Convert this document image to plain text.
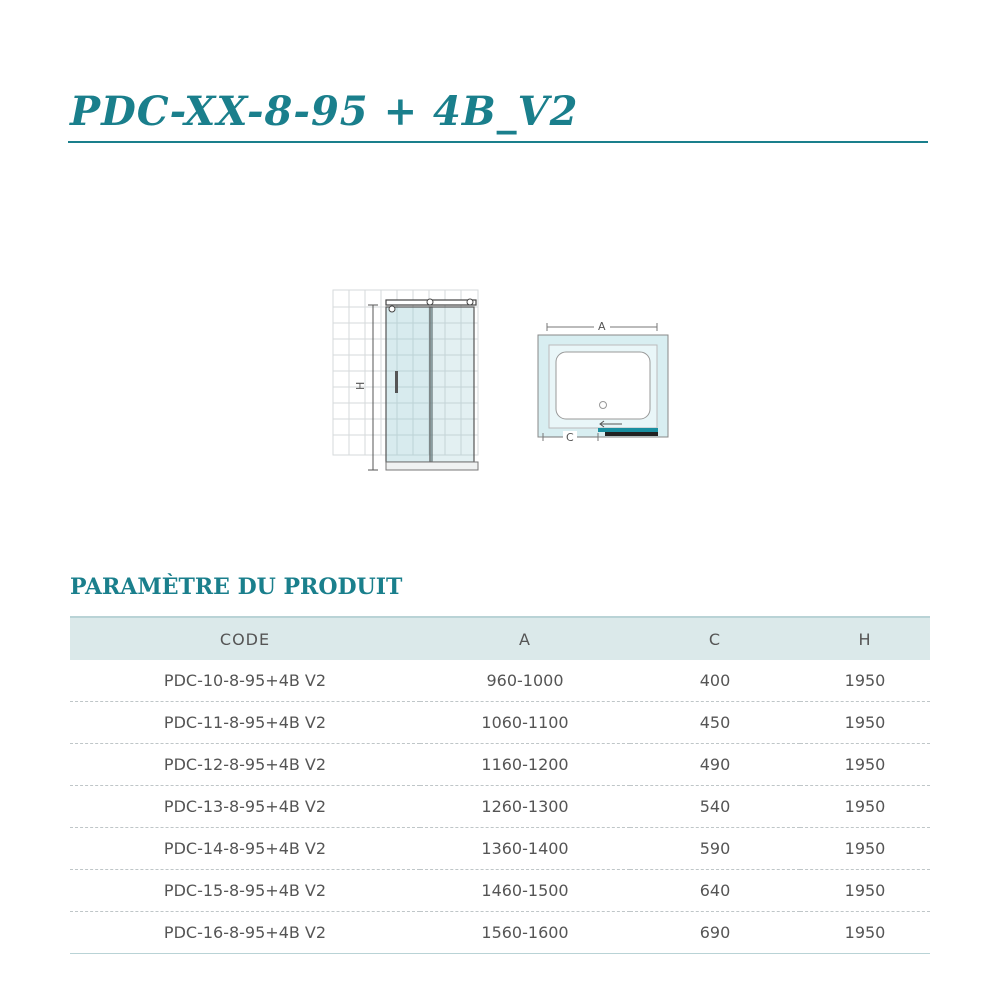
PDC-XX-8-95 + 4B_V2
H
A
C
PARAMÈTRE DU PRODUIT
CODE	A	C	H
PDC-10-8-95+4B V2	960-1000	400	1950
PDC-11-8-95+4B V2	1060-1100	450	1950
PDC-12-8-95+4B V2	1160-1200	490	1950
PDC-13-8-95+4B V2	1260-1300	540	1950
PDC-14-8-95+4B V2	1360-1400	590	1950
PDC-15-8-95+4B V2	1460-1500	640	1950
PDC-16-8-95+4B V2	1560-1600	690	1950
